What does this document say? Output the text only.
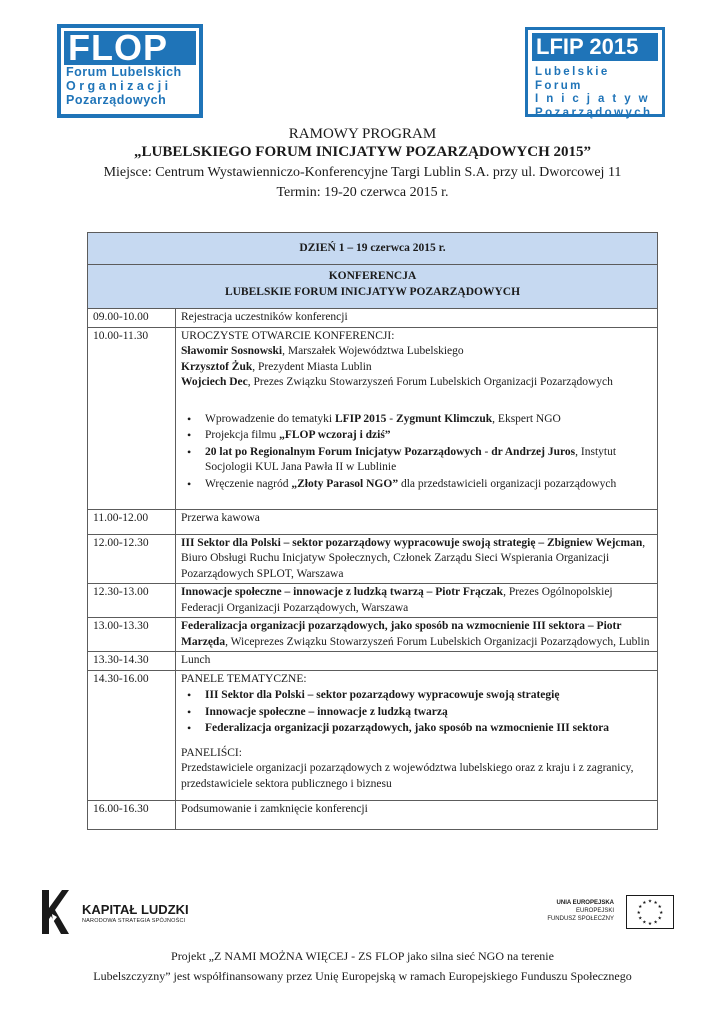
FLOP
Forum Lubelskich
O r g a n i z a c j i
Pozarządowych
LFIP 2015
Lubelskie Forum
I n i c j a t y w
Pozarządowych
RAMOWY PROGRAM
„LUBELSKIEGO FORUM INICJATYW POZARZĄDOWYCH 2015”
Miejsce: Centrum Wystawienniczo-Konferencyjne Targi Lublin S.A. przy ul. Dworcowej 11
Termin: 19-20 czerwca 2015 r.
DZIEŃ 1 – 19 czerwca 2015 r.
KONFERENCJA
LUBELSKIE FORUM INICJATYW POZARZĄDOWYCH
09.00-10.00	Rejestracja uczestników konferencji
10.00-11.30	UROCZYSTE OTWARCIE KONFERENCJI:
Sławomir Sosnowski, Marszałek Województwa Lubelskiego
Krzysztof Żuk, Prezydent Miasta Lublin
Wojciech Dec, Prezes Związku Stowarzyszeń Forum Lubelskich Organizacji Pozarządowych
• Wprowadzenie do tematyki LFIP 2015 - Zygmunt Klimczuk, Ekspert NGO
• Projekcja filmu „FLOP wczoraj i dziś”
• 20 lat po Regionalnym Forum Inicjatyw Pozarządowych - dr Andrzej Juros, Instytut Socjologii KUL Jana Pawła II w Lublinie
• Wręczenie nagród „Złoty Parasol NGO” dla przedstawicieli organizacji pozarządowych
11.00-12.00	Przerwa kawowa
12.00-12.30	III Sektor dla Polski – sektor pozarządowy wypracowuje swoją strategię – Zbigniew Wejcman, Biuro Obsługi Ruchu Inicjatyw Społecznych, Członek Zarządu Sieci Wspierania Organizacji Pozarządowych SPLOT, Warszawa
12.30-13.00	Innowacje społeczne – innowacje z ludzką twarzą – Piotr Frączak, Prezes Ogólnopolskiej Federacji Organizacji Pozarządowych, Warszawa
13.00-13.30	Federalizacja organizacji pozarządowych, jako sposób na wzmocnienie III sektora – Piotr Marzęda, Wiceprezes Związku Stowarzyszeń Forum Lubelskich Organizacji Pozarządowych, Lublin
13.30-14.30	Lunch
14.30-16.00	PANELE TEMATYCZNE:
• III Sektor dla Polski – sektor pozarządowy wypracowuje swoją strategię
• Innowacje społeczne – innowacje z ludzką twarzą
• Federalizacja organizacji pozarządowych, jako sposób na wzmocnienie III sektora
PANELIŚCI:
Przedstawiciele organizacji pozarządowych z województwa lubelskiego oraz z kraju i z zagranicy, przedstawiciele sektora publicznego i biznesu
16.00-16.30	Podsumowanie i zamknięcie konferencji
KAPITAŁ LUDZKI
NARODOWA STRATEGIA SPÓJNOŚCI
UNIA EUROPEJSKA
EUROPEJSKI
FUNDUSZ SPOŁECZNY
★ ★
★
★
★
★
★
★
★
★
★
★
Projekt „Z NAMI MOŻNA WIĘCEJ - ZS FLOP jako silna sieć NGO na terenie
Lubelszczyzny” jest współfinansowany przez Unię Europejską w ramach Europejskiego Funduszu Społecznego
